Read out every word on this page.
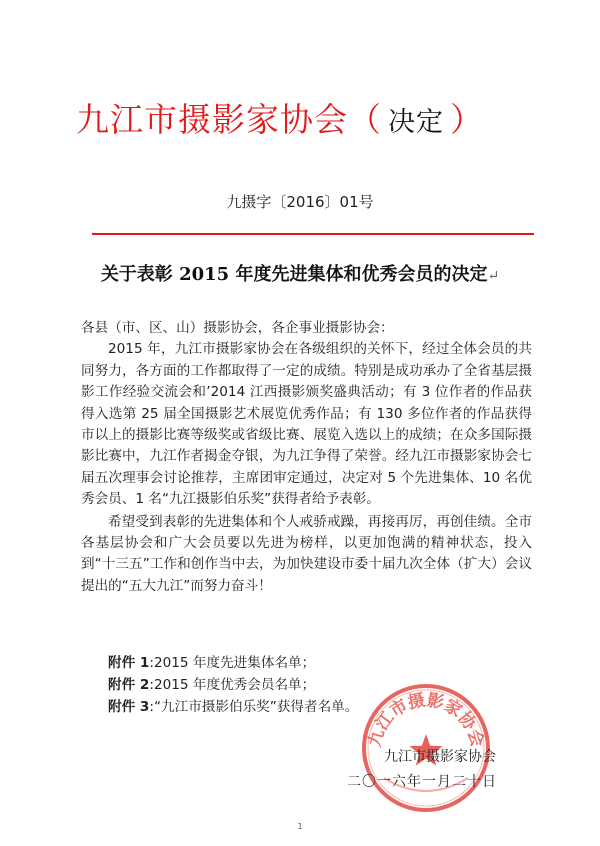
九江市摄影家协会（ 决定 ）
九摄字〔2016〕01号
关于表彰 2015 年度先进集体和优秀会员的决定↵

各县（市、区、山）摄影协会，各企事业摄影协会：

2015 年，九江市摄影家协会在各级组织的关怀下，经过全体会员的共同努力，各方面的工作都取得了一定的成绩。特别是成功承办了全省基层摄影工作经验交流会和’2014 江西摄影颁奖盛典活动；有 3 位作者的作品获得入选第 25 届全国摄影艺术展览优秀作品；有 130 多位作者的作品获得市以上的摄影比赛等级奖或省级比赛、展览入选以上的成绩；在众多国际摄影比赛中，九江作者揭金夺银，为九江争得了荣誉。经九江市摄影家协会七届五次理事会讨论推荐，主席团审定通过，决定对 5 个先进集体、10 名优秀会员、1 名“九江摄影伯乐奖”获得者给予表彰。

希望受到表彰的先进集体和个人戒骄戒躁，再接再厉，再创佳绩。全市各基层协会和广大会员要以先进为榜样，以更加饱满的精神状态，投入到“十三五”工作和创作当中去，为加快建设市委十届九次全体（扩大）会议提出的“五大九江”而努力奋斗！

附件 1:2015 年度先进集体名单；
附件 2:2015 年度优秀会员名单；
附件 3:“九江市摄影伯乐奖”获得者名单。
九江市摄影家协会
九江市摄影家协会
二〇一六年一月二十日
1
